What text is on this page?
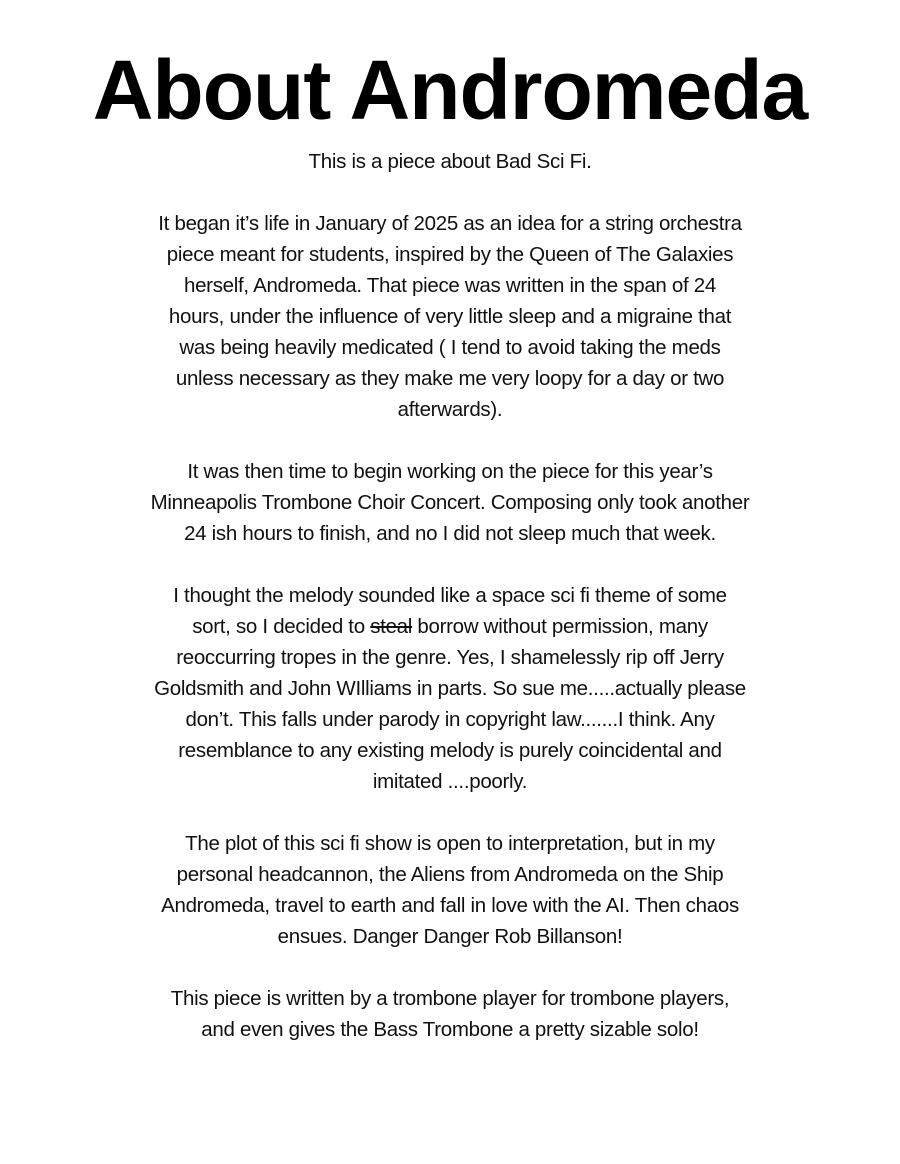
About Andromeda

This is a piece about Bad Sci Fi.

It began it’s life in January of 2025 as an idea for a string orchestra
piece meant for students, inspired by the Queen of The Galaxies
herself, Andromeda. That piece was written in the span of 24
hours, under the influence of very little sleep and a migraine that
was being heavily medicated ( I tend to avoid taking the meds
unless necessary as they make me very loopy for a day or two
afterwards).

It was then time to begin working on the piece for this year’s
Minneapolis Trombone Choir Concert. Composing only took another
24 ish hours to finish, and no I did not sleep much that week.

I thought the melody sounded like a space sci fi theme of some
sort, so I decided to steal borrow without permission, many
reoccurring tropes in the genre. Yes, I shamelessly rip off Jerry
Goldsmith and John WIlliams in parts. So sue me.....actually please
don’t. This falls under parody in copyright law.......I think. Any
resemblance to any existing melody is purely coincidental and
imitated ....poorly.

The plot of this sci fi show is open to interpretation, but in my
personal headcannon, the Aliens from Andromeda on the Ship
Andromeda, travel to earth and fall in love with the AI. Then chaos
ensues. Danger Danger Rob Billanson!

This piece is written by a trombone player for trombone players,
and even gives the Bass Trombone a pretty sizable solo!
